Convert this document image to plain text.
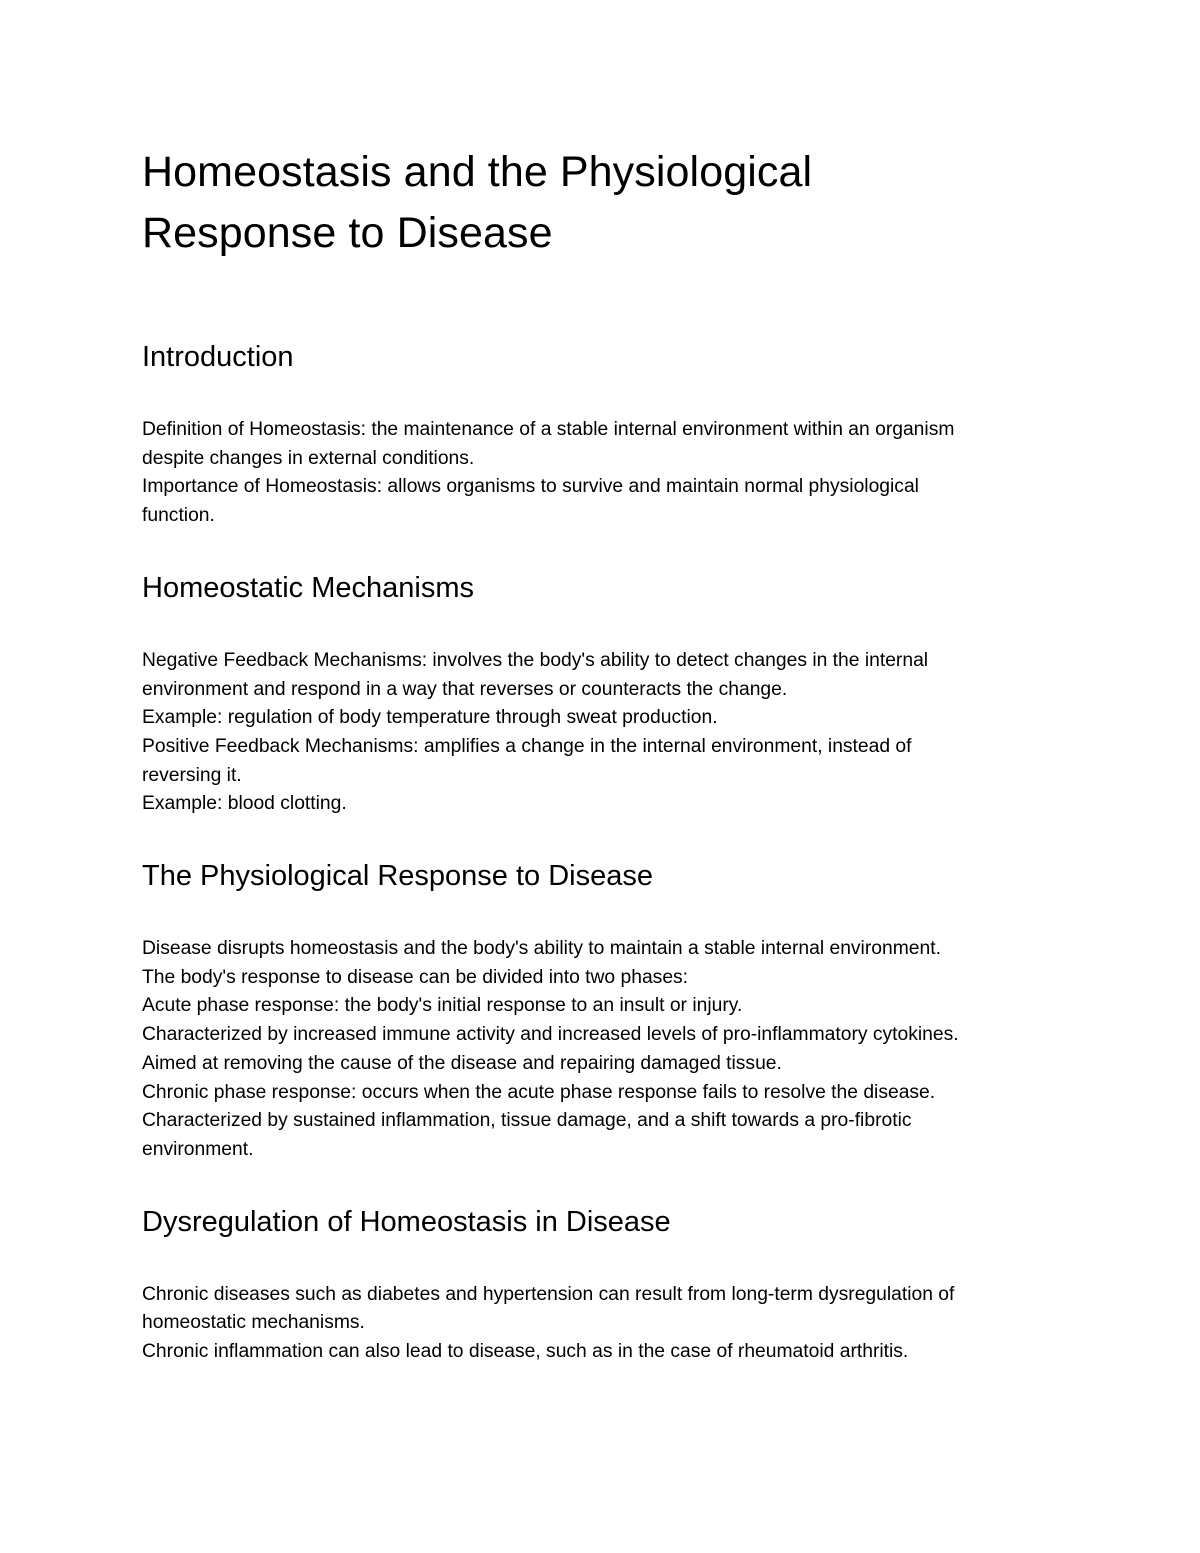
Homeostasis and the Physiological
Response to Disease
Introduction

Definition of Homeostasis: the maintenance of a stable internal environment within an organism
despite changes in external conditions.
Importance of Homeostasis: allows organisms to survive and maintain normal physiological
function.

Homeostatic Mechanisms

Negative Feedback Mechanisms: involves the body's ability to detect changes in the internal
environment and respond in a way that reverses or counteracts the change.
Example: regulation of body temperature through sweat production.
Positive Feedback Mechanisms: amplifies a change in the internal environment, instead of
reversing it.
Example: blood clotting.

The Physiological Response to Disease

Disease disrupts homeostasis and the body's ability to maintain a stable internal environment.
The body's response to disease can be divided into two phases:
Acute phase response: the body's initial response to an insult or injury.
Characterized by increased immune activity and increased levels of pro-inflammatory cytokines.
Aimed at removing the cause of the disease and repairing damaged tissue.
Chronic phase response: occurs when the acute phase response fails to resolve the disease.
Characterized by sustained inflammation, tissue damage, and a shift towards a pro-fibrotic
environment.

Dysregulation of Homeostasis in Disease

Chronic diseases such as diabetes and hypertension can result from long-term dysregulation of
homeostatic mechanisms.
Chronic inflammation can also lead to disease, such as in the case of rheumatoid arthritis.
